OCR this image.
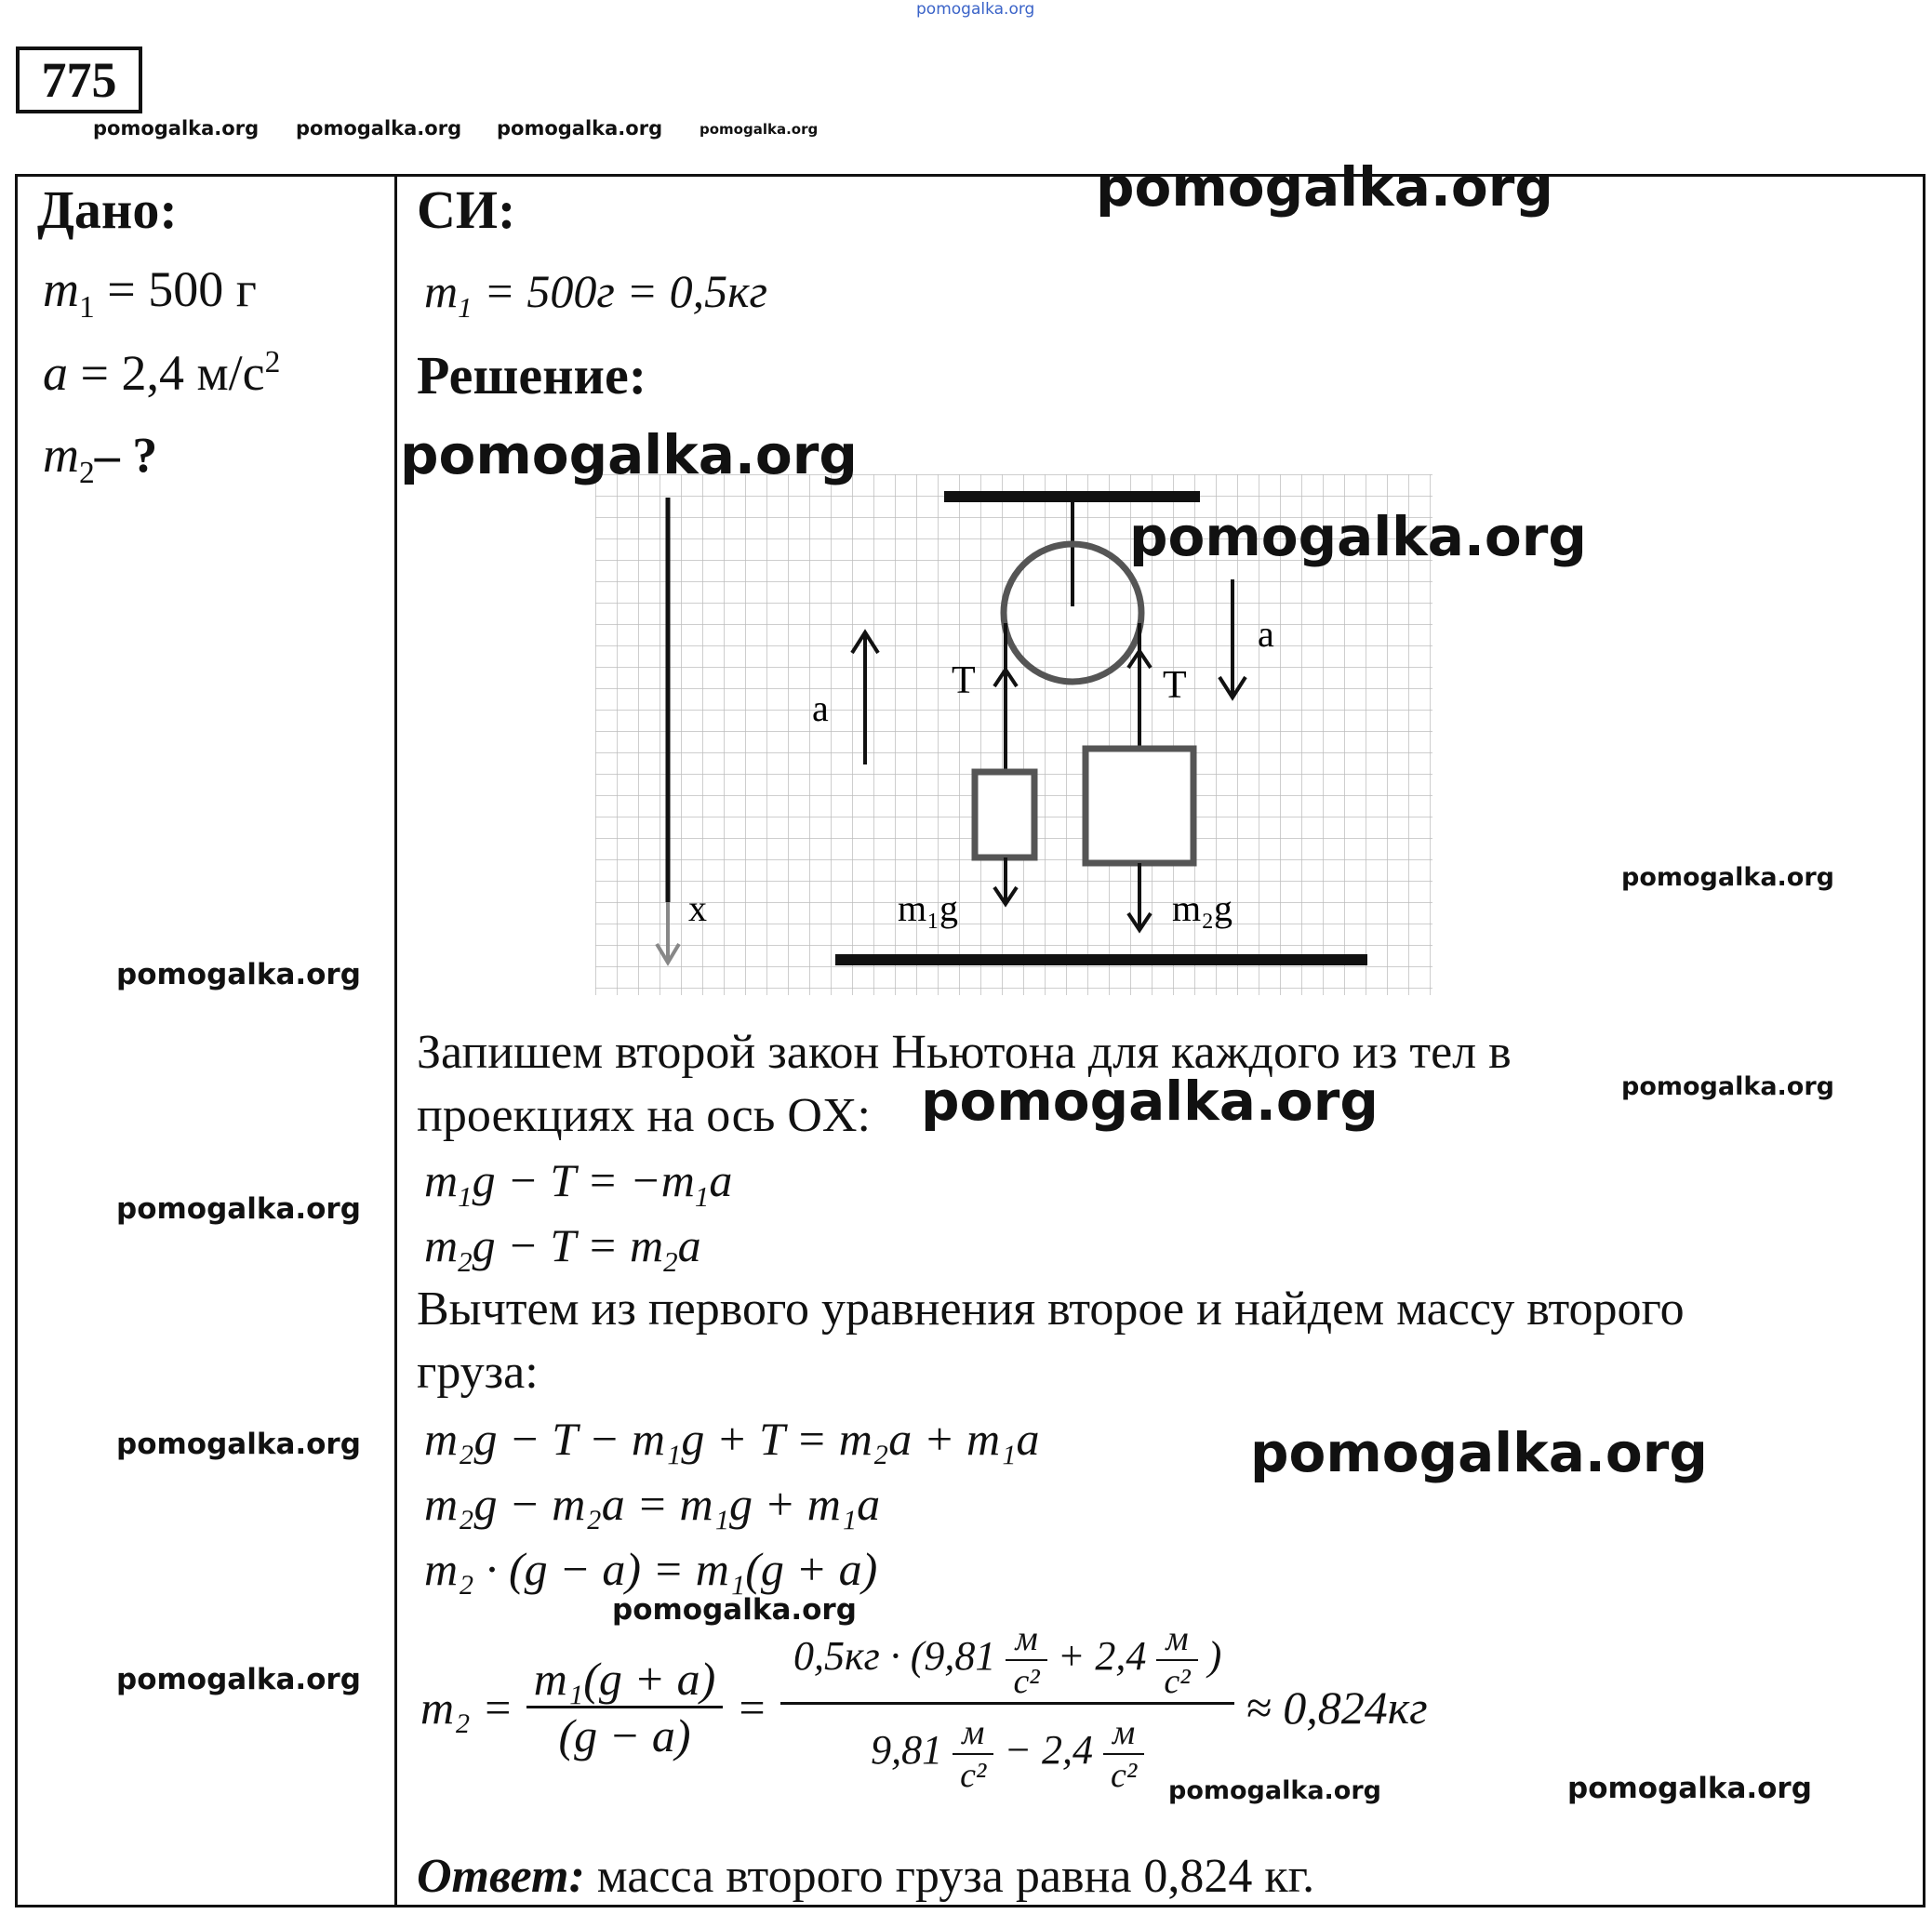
pomogalka.org
775
pomogalka.org pomogalka.org pomogalka.org	pomogalka.org
Дано:
$m_1 = 500$ г
a = 2,4 $м/с^2$
$m_2-$ ?
СИ:
$m_1 = 500г = 0,5кг$
Решение:
a
a
T	T
x	m₁g	m₂g
Запишем второй закон Ньютона для каждого из тел в
проекциях на ось OX:
$m_1g - T = -m_1a$
$m_2g - T = m_2a$
Вычтем из первого уравнения второе и найдем массу второго
груза:
m₂g − T − m₁g + T = m₂a + m₁a
m₂g − m₂a = m₁g + m₁a
m₂ · (g − a) = m₁(g + a)
$m_2 = \frac{\text{m₁(g + a)}}{(g - a)}$ =
$0,5кг \cdot (9,81 \frac{м}{\text{c²}} + 2,4 \frac{м}{\text{c²}}$ )
$9,81 \frac{м}{\text{c²}} - 2,4 \frac{м}{\text{c²}}$
≈ 0,824кг
Ответ: масса второго груза равна 0,824 кг.
pomogalka.org
pomogalka.org
pomogalka.org
pomogalka.org
pomogalka.org
pomogalka.org
pomogalka.org
pomogalka.org
pomogalka.org
pomogalka.org
pomogalka.org
pomogalka.org
pomogalka.org
pomogalka.org
